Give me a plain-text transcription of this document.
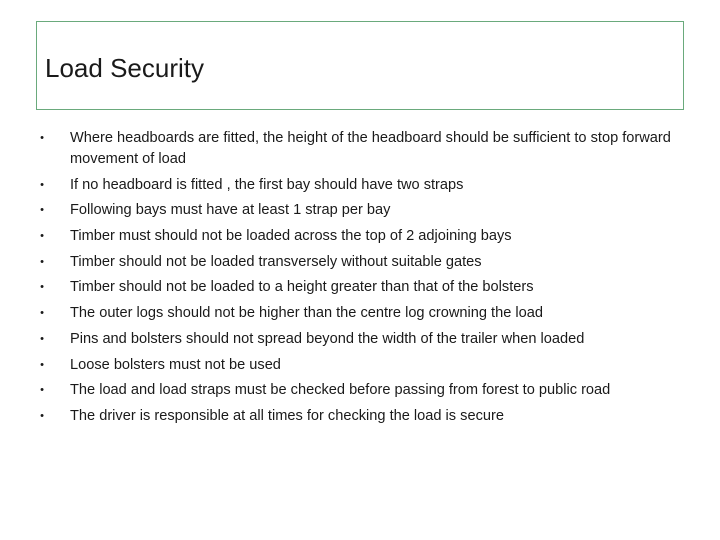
Load Security
• Where headboards are fitted, the height of the headboard should be sufficient to stop forward movement of load
• If no headboard is fitted , the first bay should have two straps
• Following bays must have at least 1 strap per bay
• Timber must should not be loaded across the top of 2 adjoining bays
• Timber should not be loaded transversely without suitable gates
• Timber should not be loaded to a height greater than that of the bolsters
• The outer logs should not be higher than the centre log crowning the load
• Pins and bolsters should not spread beyond the width of the trailer when loaded
• Loose bolsters must not be used
• The load and load straps must be checked before passing from forest to public road
• The driver is responsible at all times for checking the load is secure
